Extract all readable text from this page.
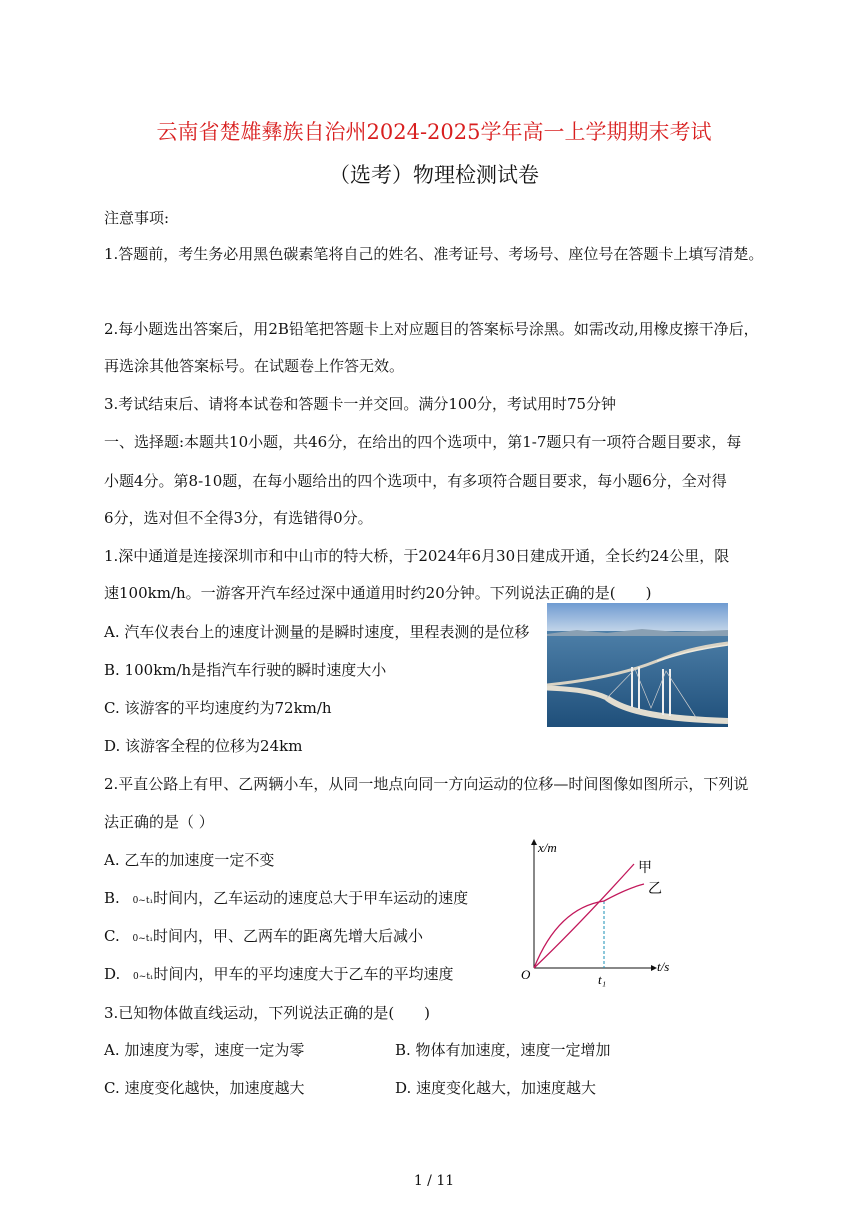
云南省楚雄彝族自治州2024-2025学年高一上学期期末考试
（选考）物理检测试卷
注意事项:
1.答题前，考生务必用黑色碳素笔将自己的姓名、准考证号、考场号、座位号在答题卡上填写清楚。
2.每小题选出答案后，用2B铅笔把答题卡上对应题目的答案标号涂黑。如需改动,用橡皮擦干净后，
再选涂其他答案标号。在试题卷上作答无效。
3.考试结束后、请将本试卷和答题卡一并交回。满分100分，考试用时75分钟
一、选择题:本题共10小题，共46分，在给出的四个选项中，第1-7题只有一项符合题目要求，每
小题4分。第8-10题，在每小题给出的四个选项中，有多项符合题目要求，每小题6分，全对得
6分，选对但不全得3分，有选错得0分。
1.深中通道是连接深圳市和中山市的特大桥，于2024年6月30日建成开通，全长约24公里，限
速100km/h。一游客开汽车经过深中通道用时约20分钟。下列说法正确的是(　　)
A. 汽车仪表台上的速度计测量的是瞬时速度，里程表测的是位移
B. 100km/h是指汽车行驶的瞬时速度大小
C. 该游客的平均速度约为72km/h
D. 该游客全程的位移为24km
2.平直公路上有甲、乙两辆小车，从同一地点向同一方向运动的位移—时间图像如图所示，下列说
法正确的是（ ）
A. 乙车的加速度一定不变
B. 0~t₁时间内，乙车运动的速度总大于甲车运动的速度
C. 0~t₁时间内，甲、乙两车的距离先增大后减小
D. 0~t₁时间内，甲车的平均速度大于乙车的平均速度
x/m
t/s
O	t₁
甲
乙
3.已知物体做直线运动，下列说法正确的是(　　)
A. 加速度为零，速度一定为零	B. 物体有加速度，速度一定增加
C. 速度变化越快，加速度越大	D. 速度变化越大，加速度越大
1 / 11
